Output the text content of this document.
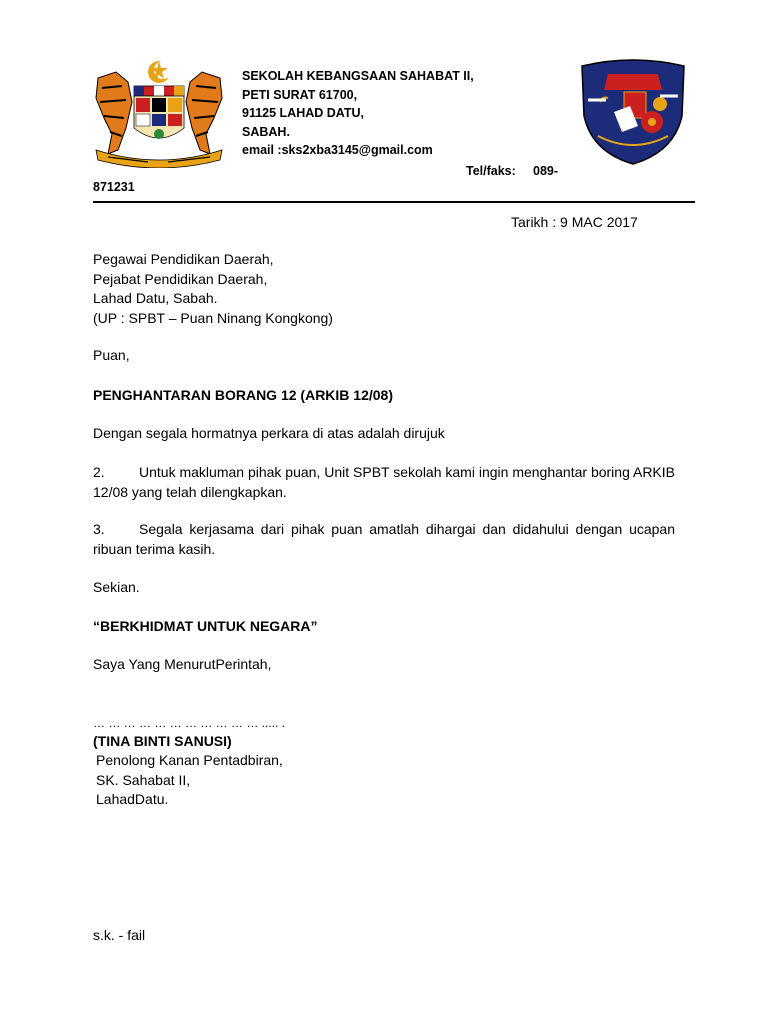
SEKOLAH KEBANGSAAN SAHABAT II,
PETI SURAT 61700,
91125 LAHAD DATU,
SABAH.
email :sks2xba3145@gmail.com
Tel/faks: 089-
871231
Tarikh : 9 MAC 2017
Pegawai Pendidikan Daerah,
Pejabat Pendidikan Daerah,
Lahad Datu, Sabah.
(UP : SPBT – Puan Ninang Kongkong)
Puan,
PENGHANTARAN BORANG 12 (ARKIB 12/08)
Dengan segala hormatnya perkara di atas adalah dirujuk
2. Untuk makluman pihak puan, Unit SPBT sekolah kami ingin menghantar boring ARKIB 12/08 yang telah dilengkapkan.
3. Segala kerjasama dari pihak puan amatlah dihargai dan didahului dengan ucapan ribuan terima kasih.
Sekian.
“BERKHIDMAT UNTUK NEGARA”
Saya Yang MenurutPerintah,
… … … … … … … … … … … ..... .
(TINA BINTI SANUSI)
Penolong Kanan Pentadbiran,
SK. Sahabat II,
LahadDatu.
s.k. - fail
